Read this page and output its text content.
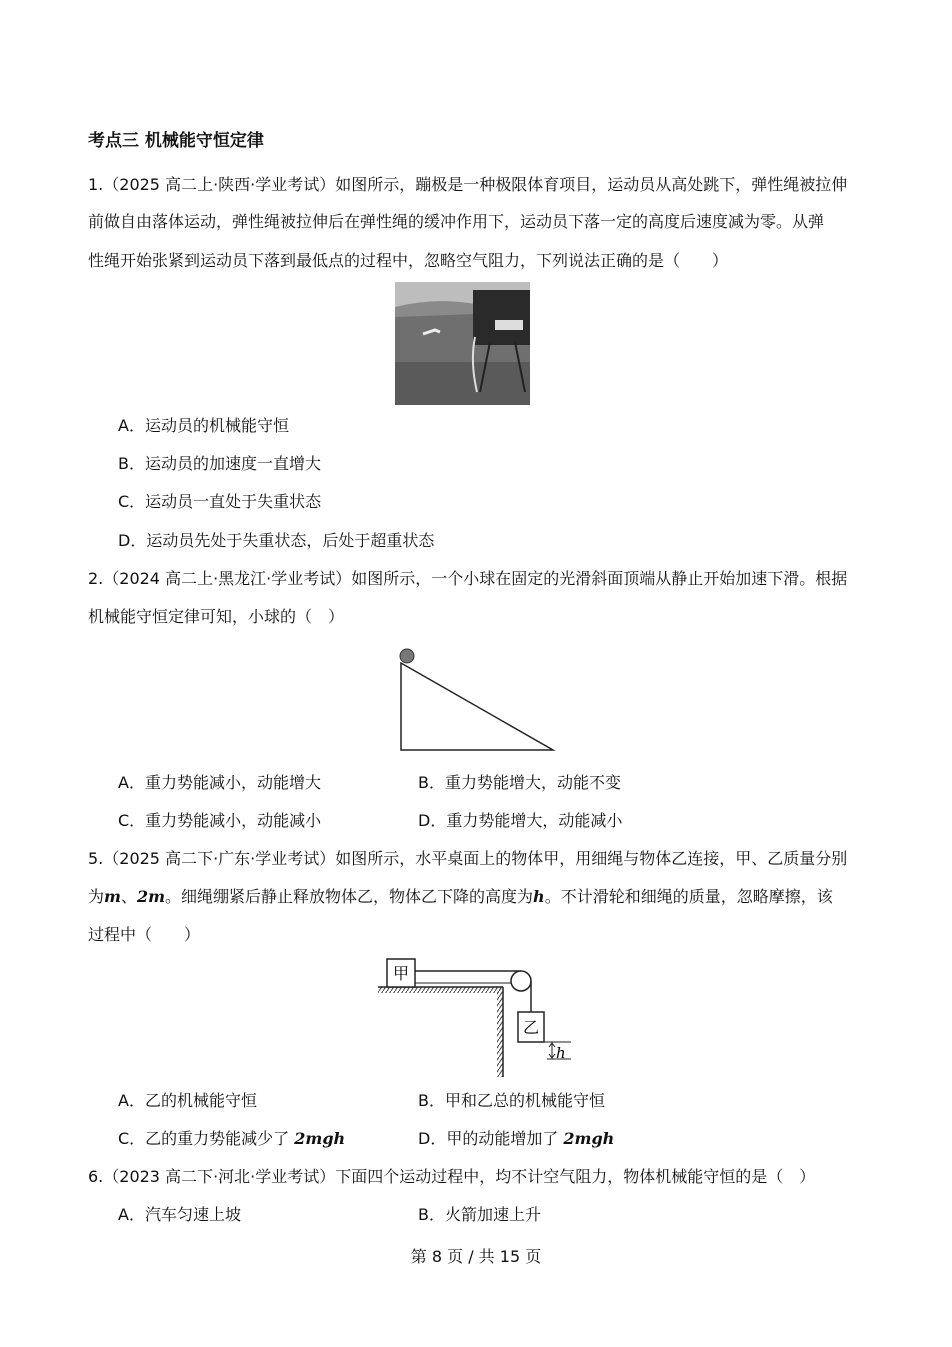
考点三 机械能守恒定律
1.（2025 高二上·陕西·学业考试）如图所示，蹦极是一种极限体育项目，运动员从高处跳下，弹性绳被拉伸
前做自由落体运动，弹性绳被拉伸后在弹性绳的缓冲作用下，运动员下落一定的高度后速度减为零。从弹
性绳开始张紧到运动员下落到最低点的过程中，忽略空气阻力，下列说法正确的是（　　）
A．运动员的机械能守恒
B．运动员的加速度一直增大
C．运动员一直处于失重状态
D．运动员先处于失重状态，后处于超重状态
2.（2024 高二上·黑龙江·学业考试）如图所示，一个小球在固定的光滑斜面顶端从静止开始加速下滑。根据
机械能守恒定律可知，小球的（　）
A．重力势能减小，动能增大	B．重力势能增大，动能不变
C．重力势能减小，动能减小	D．重力势能增大，动能减小
5.（2025 高二下·广东·学业考试）如图所示，水平桌面上的物体甲，用细绳与物体乙连接，甲、乙质量分别
为m、2m。细绳绷紧后静止释放物体乙，物体乙下降的高度为h。不计滑轮和细绳的质量，忽略摩擦，该
过程中（　　）
甲
乙
h
A．乙的机械能守恒	B．甲和乙总的机械能守恒
C．乙的重力势能减少了 2mgh	D．甲的动能增加了 2mgh
6.（2023 高二下·河北·学业考试）下面四个运动过程中，均不计空气阻力，物体机械能守恒的是（　）
A．汽车匀速上坡	B．火箭加速上升
第 8 页 / 共 15 页
